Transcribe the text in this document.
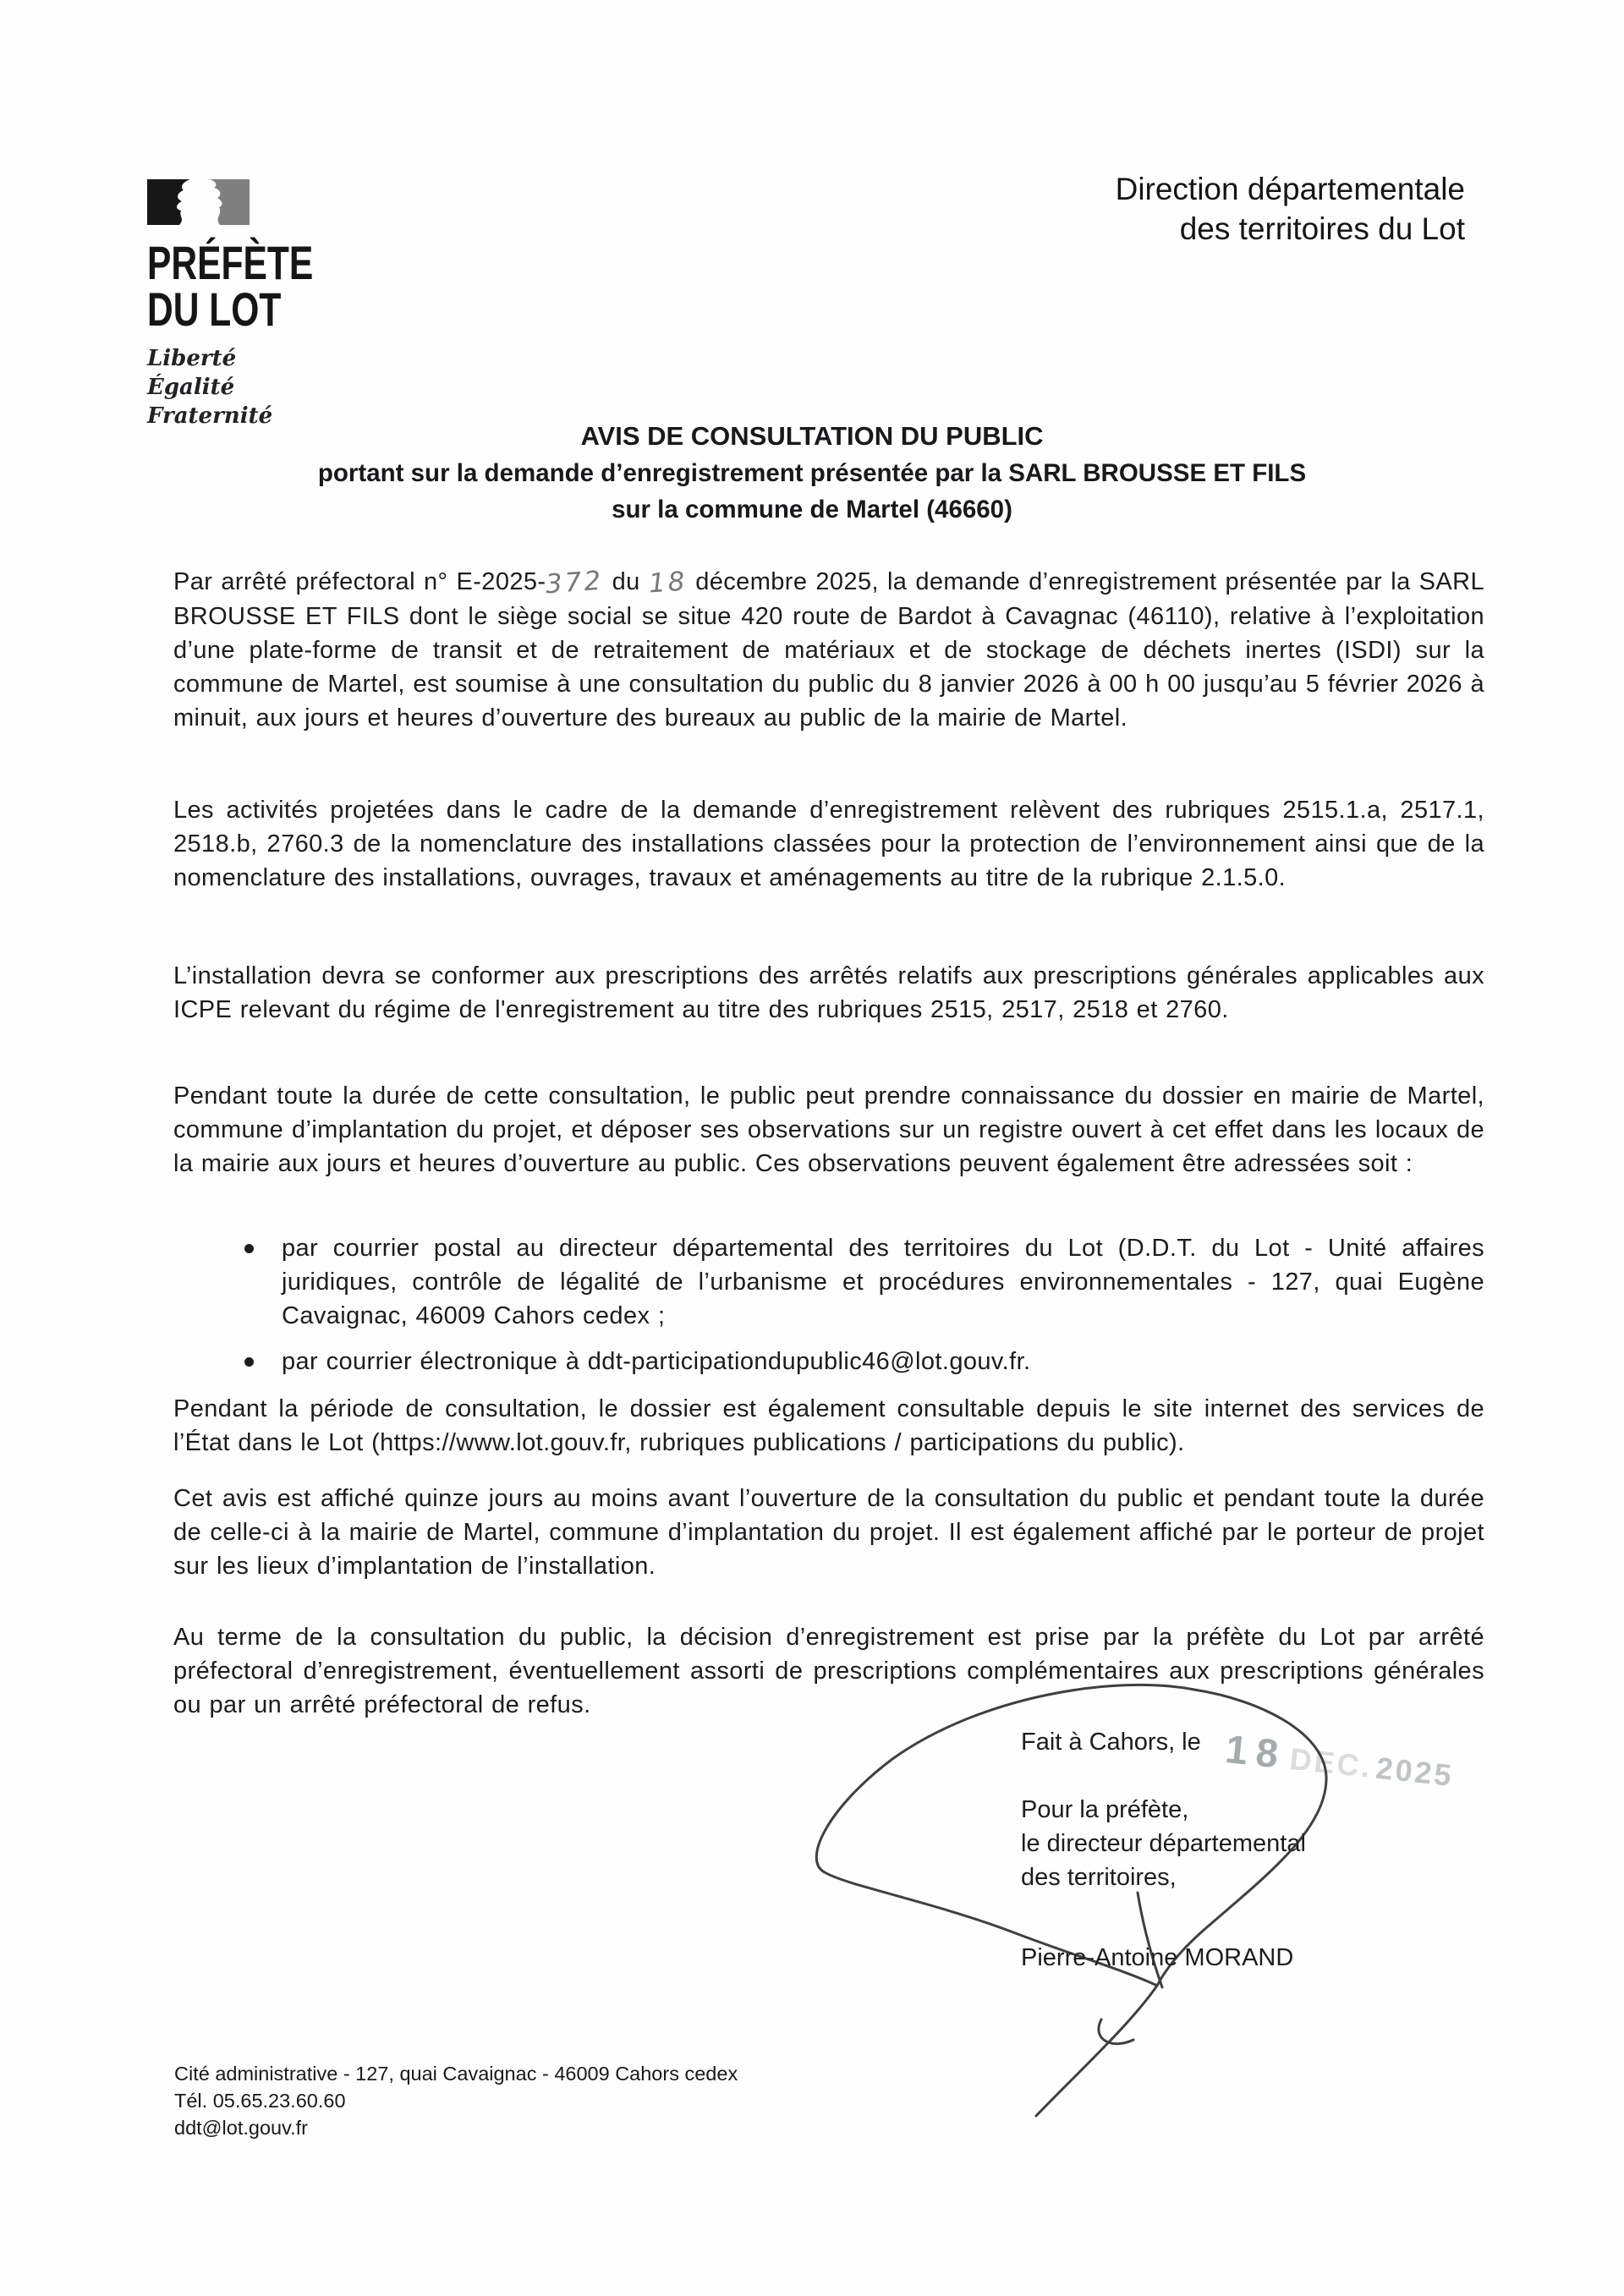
PRÉFÈTE
DU LOT
Liberté
Égalité
Fraternité
Direction départementale
des territoires du Lot
AVIS DE CONSULTATION DU PUBLIC
portant sur la demande d’enregistrement présentée par la SARL BROUSSE ET FILS
sur la commune de Martel (46660)

Par arrêté préfectoral n° E-2025-372 du 18 décembre 2025, la demande d’enregistrement présentée par la SARL BROUSSE ET FILS dont le siège social se situe 420 route de Bardot à Cavagnac (46110), relative à l’exploitation d’une plate-forme de transit et de retraitement de matériaux et de stockage de déchets inertes (ISDI) sur la commune de Martel, est soumise à une consultation du public du 8 janvier 2026 à 00 h 00 jusqu’au 5 février 2026 à minuit, aux jours et heures d’ouverture des bureaux au public de la mairie de Martel.

Les activités projetées dans le cadre de la demande d’enregistrement relèvent des rubriques 2515.1.a, 2517.1, 2518.b, 2760.3 de la nomenclature des installations classées pour la protection de l’environnement ainsi que de la nomenclature des installations, ouvrages, travaux et aménagements au titre de la rubrique 2.1.5.0.

L’installation devra se conformer aux prescriptions des arrêtés relatifs aux prescriptions générales applicables aux ICPE relevant du régime de l'enregistrement au titre des rubriques 2515, 2517, 2518 et 2760.

Pendant toute la durée de cette consultation, le public peut prendre connaissance du dossier en mairie de Martel, commune d’implantation du projet, et déposer ses observations sur un registre ouvert à cet effet dans les locaux de la mairie aux jours et heures d’ouverture au public. Ces observations peuvent également être adressées soit :

par courrier postal au directeur départemental des territoires du Lot (D.D.T. du Lot - Unité affaires juridiques, contrôle de légalité de l’urbanisme et procédures environnementales - 127, quai Eugène Cavaignac, 46009 Cahors cedex ;
par courrier électronique à ddt-participationdupublic46@lot.gouv.fr.

Pendant la période de consultation, le dossier est également consultable depuis le site internet des services de l’État dans le Lot (https://www.lot.gouv.fr, rubriques publications / participations du public).

Cet avis est affiché quinze jours au moins avant l’ouverture de la consultation du public et pendant toute la durée de celle-ci à la mairie de Martel, commune d’implantation du projet. Il est également affiché par le porteur de projet sur les lieux d’implantation de l’installation.

Au terme de la consultation du public, la décision d’enregistrement est prise par la préfète du Lot par arrêté préfectoral d’enregistrement, éventuellement assorti de prescriptions complémentaires aux prescriptions générales ou par un arrêté préfectoral de refus.

Fait à Cahors, le 18 DEC. 2025
Pour la préfète,
le directeur départemental
des territoires,
Pierre-Antoine MORAND
Cité administrative - 127, quai Cavaignac - 46009 Cahors cedex
Tél. 05.65.23.60.60
ddt@lot.gouv.fr
